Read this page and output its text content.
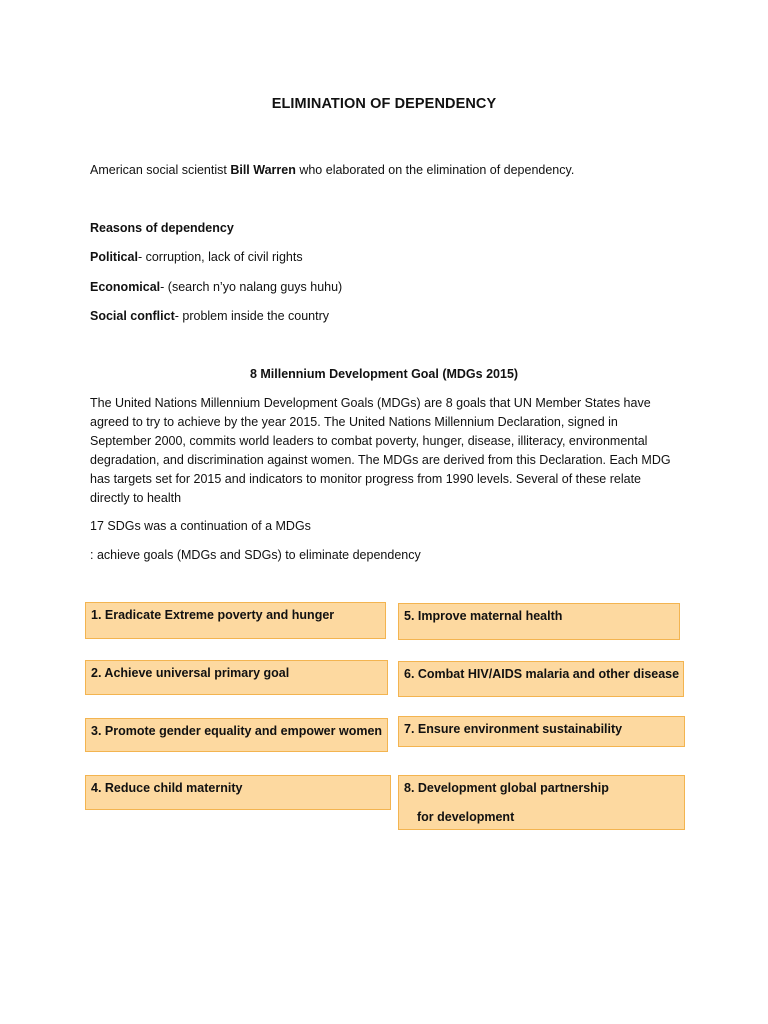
ELIMINATION OF DEPENDENCY
American social scientist Bill Warren who elaborated on the elimination of dependency.
Reasons of dependency
Political- corruption, lack of civil rights
Economical- (search n’yo nalang guys huhu)
Social conflict- problem inside the country
8 Millennium Development Goal (MDGs 2015)
The United Nations Millennium Development Goals (MDGs) are 8 goals that UN Member States have
agreed to try to achieve by the year 2015. The United Nations Millennium Declaration, signed in
September 2000, commits world leaders to combat poverty, hunger, disease, illiteracy, environmental
degradation, and discrimination against women. The MDGs are derived from this Declaration. Each MDG
has targets set for 2015 and indicators to monitor progress from 1990 levels. Several of these relate
directly to health
17 SDGs was a continuation of a MDGs
: achieve goals (MDGs and SDGs) to eliminate dependency
1. Eradicate Extreme poverty and hunger
2. Achieve universal primary goal
3. Promote gender equality and empower women
4. Reduce child maternity
5. Improve maternal health
6. Combat HIV/AIDS malaria and other disease
7. Ensure environment sustainability
8. Development global partnership
for development
